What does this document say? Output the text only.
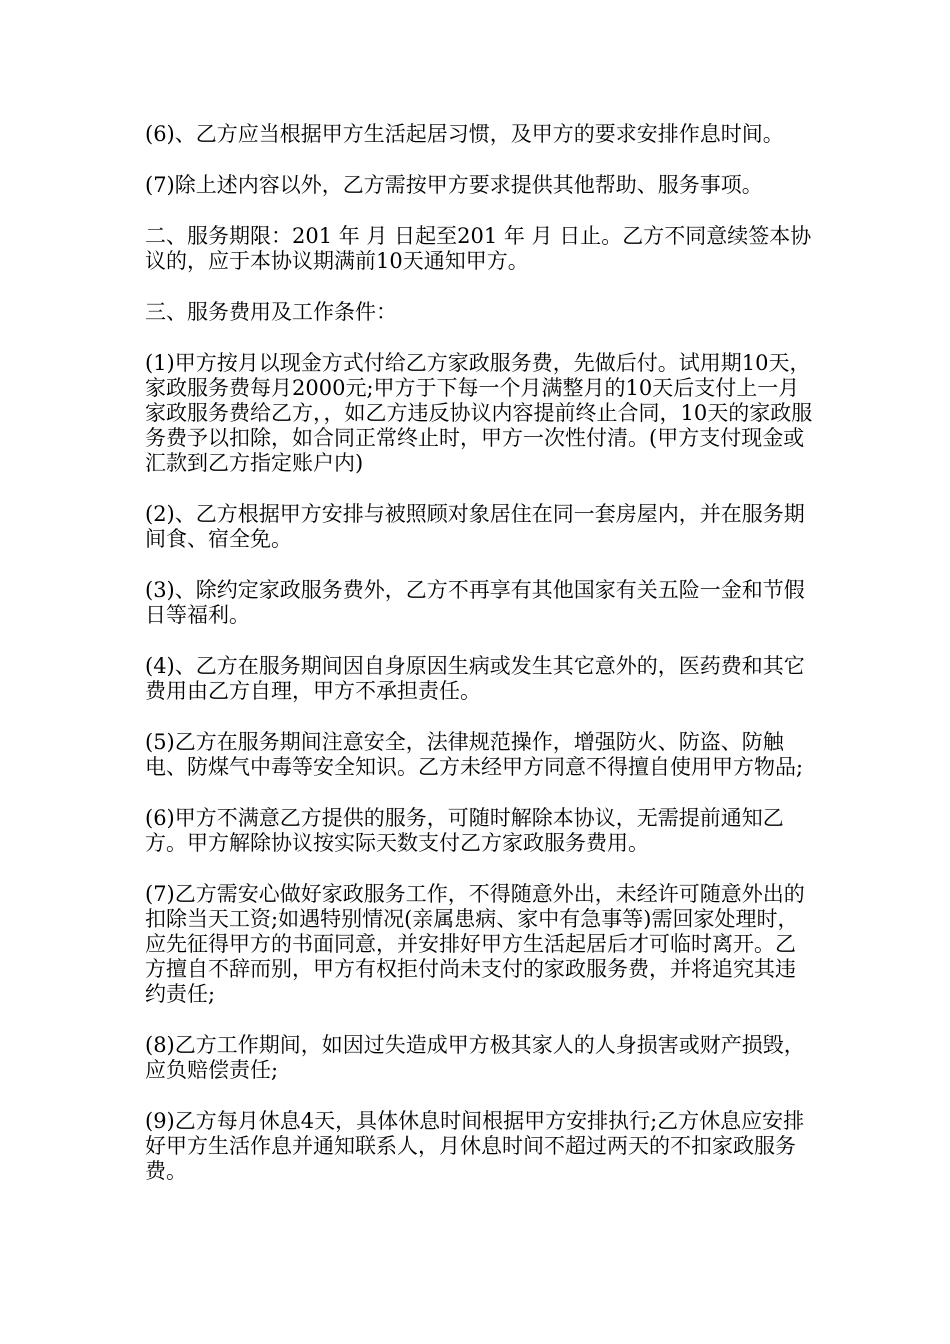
(6)、乙方应当根据甲方生活起居习惯，及甲方的要求安排作息时间。

(7)除上述内容以外，乙方需按甲方要求提供其他帮助、服务事项。

二、服务期限：201 年 月 日起至201 年 月 日止。乙方不同意续签本协议的，应于本协议期满前10天通知甲方。

三、服务费用及工作条件：

(1)甲方按月以现金方式付给乙方家政服务费，先做后付。试用期10天，家政服务费每月2000元;甲方于下每一个月满整月的10天后支付上一月家政服务费给乙方，，如乙方违反协议内容提前终止合同，10天的家政服务费予以扣除，如合同正常终止时，甲方一次性付清。(甲方支付现金或汇款到乙方指定账户内)

(2)、乙方根据甲方安排与被照顾对象居住在同一套房屋内，并在服务期间食、宿全免。

(3)、除约定家政服务费外，乙方不再享有其他国家有关五险一金和节假日等福利。

(4)、乙方在服务期间因自身原因生病或发生其它意外的，医药费和其它费用由乙方自理，甲方不承担责任。

(5)乙方在服务期间注意安全，法律规范操作，增强防火、防盗、防触电、防煤气中毒等安全知识。乙方未经甲方同意不得擅自使用甲方物品;

(6)甲方不满意乙方提供的服务，可随时解除本协议，无需提前通知乙方。甲方解除协议按实际天数支付乙方家政服务费用。

(7)乙方需安心做好家政服务工作，不得随意外出，未经许可随意外出的扣除当天工资;如遇特别情况(亲属患病、家中有急事等)需回家处理时，应先征得甲方的书面同意，并安排好甲方生活起居后才可临时离开。乙方擅自不辞而别，甲方有权拒付尚未支付的家政服务费，并将追究其违约责任;

(8)乙方工作期间，如因过失造成甲方极其家人的人身损害或财产损毁，应负赔偿责任;

(9)乙方每月休息4天，具体休息时间根据甲方安排执行;乙方休息应安排好甲方生活作息并通知联系人，月休息时间不超过两天的不扣家政服务费。
